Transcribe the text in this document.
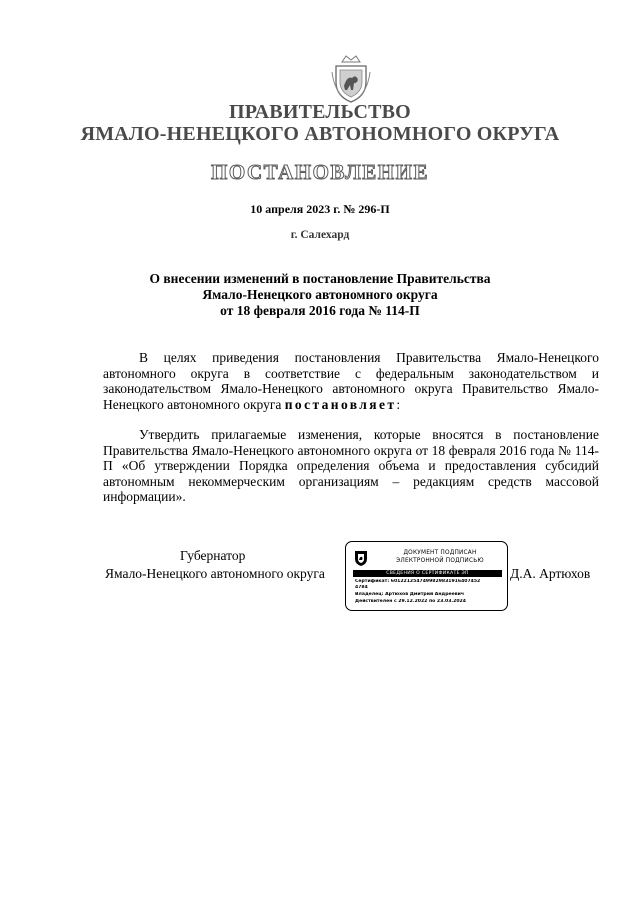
ПРАВИТЕЛЬСТВО
ЯМАЛО-НЕНЕЦКОГО АВТОНОМНОГО ОКРУГА
ПОСТАНОВЛЕНИЕ
10 апреля 2023 г. № 296-П
г. Салехард
О внесении изменений в постановление Правительства
Ямало-Ненецкого автономного округа
от 18 февраля 2016 года № 114-П
В целях приведения постановления Правительства Ямало-Ненецкого автономного округа в соответствие с федеральным законодательством и законодательством Ямало-Ненецкого автономного округа Правительство Ямало-Ненецкого автономного округа постановляет:
Утвердить прилагаемые изменения, которые вносятся в постановление Правительства Ямало-Ненецкого автономного округа от 18 февраля 2016 года № 114-П «Об утверждении Порядка определения объема и предоставления субсидий автономным некоммерческим организациям – редакциям средств массовой информации».
Губернатор
Ямало-Ненецкого автономного округа	Д.А. Артюхов
ДОКУМЕНТ ПОДПИСАН
ЭЛЕКТРОННОЙ ПОДПИСЬЮ
СВЕДЕНИЯ О СЕРТИФИКАТЕ ЭП
Сертификат: 6012212547499829831916407452
4784
Владелец: Артюхов Дмитрий Андреевич
Действителен с 29.12.2022 по 23.03.2024
